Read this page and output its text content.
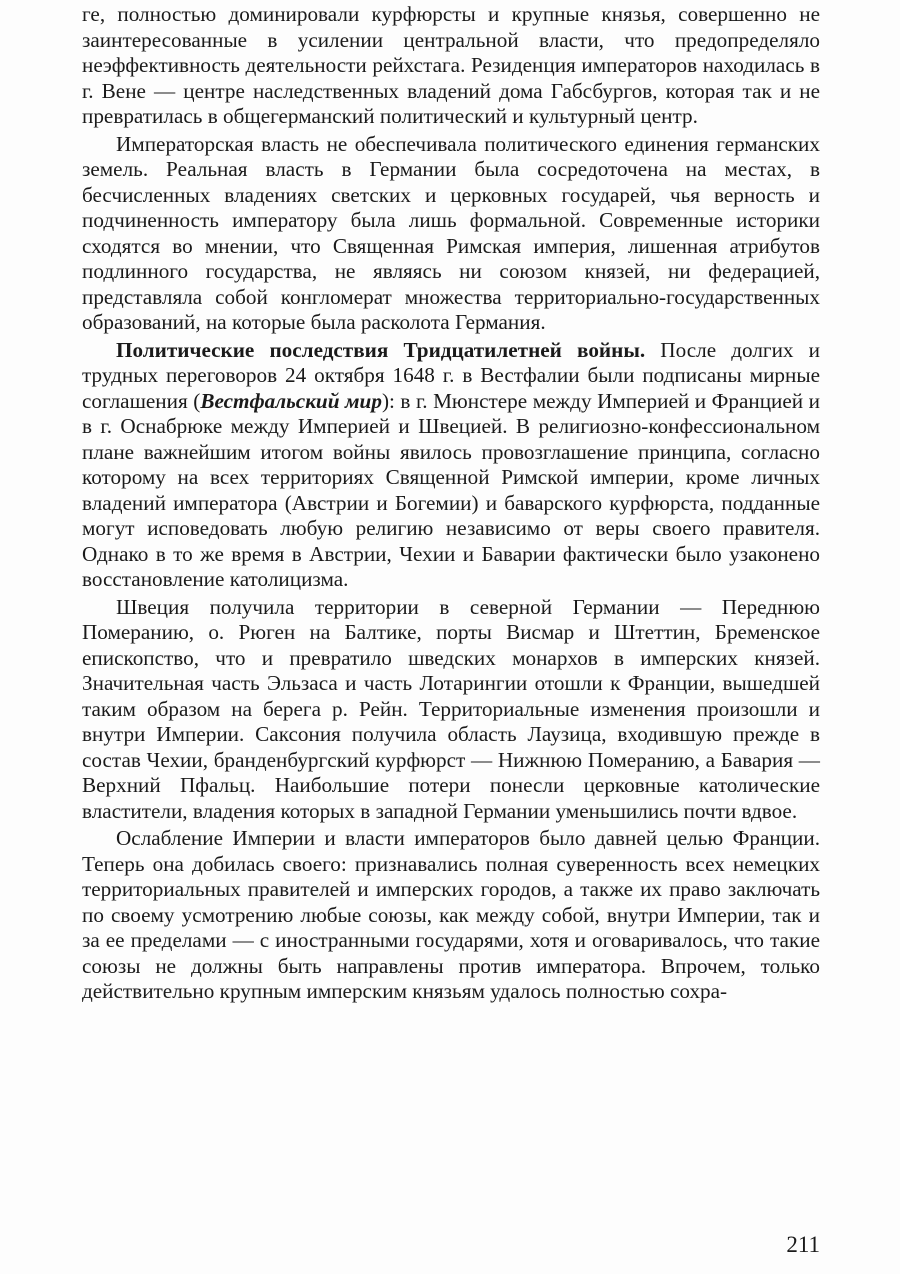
ге, полностью доминировали курфюрсты и крупные князья, совершенно не заинтересованные в усилении центральной власти, что предопределяло неэффективность деятельности рейхстага. Резиденция императоров находилась в г. Вене — центре наследственных владений дома Габсбургов, которая так и не превратилась в общегерманский политический и культурный центр.

Императорская власть не обеспечивала политического единения германских земель. Реальная власть в Германии была сосредоточена на местах, в бесчисленных владениях светских и церковных государей, чья верность и подчиненность императору была лишь формальной. Современные историки сходятся во мнении, что Священная Римская империя, лишенная атрибутов подлинного государства, не являясь ни союзом князей, ни федерацией, представляла собой конгломерат множества территориально-государственных образований, на которые была расколота Германия.

Политические последствия Тридцатилетней войны. После долгих и трудных переговоров 24 октября 1648 г. в Вестфалии были подписаны мирные соглашения (Вестфальский мир): в г. Мюнстере между Империей и Францией и в г. Оснабрюке между Империей и Швецией. В религиозно-конфессиональном плане важнейшим итогом войны явилось провозглашение принципа, согласно которому на всех территориях Священной Римской империи, кроме личных владений императора (Австрии и Богемии) и баварского курфюрста, подданные могут исповедовать любую религию независимо от веры своего правителя. Однако в то же время в Австрии, Чехии и Баварии фактически было узаконено восстановление католицизма.

Швеция получила территории в северной Германии — Переднюю Померанию, о. Рюген на Балтике, порты Висмар и Штеттин, Бременское епископство, что и превратило шведских монархов в имперских князей. Значительная часть Эльзаса и часть Лотарингии отошли к Франции, вышедшей таким образом на берега р. Рейн. Территориальные изменения произошли и внутри Империи. Саксония получила область Лаузица, входившую прежде в состав Чехии, бранденбургский курфюрст — Нижнюю Померанию, а Бавария — Верхний Пфальц. Наибольшие потери понесли церковные католические властители, владения которых в западной Германии уменьшились почти вдвое.

Ослабление Империи и власти императоров было давней целью Франции. Теперь она добилась своего: признавались полная суверенность всех немецких территориальных правителей и имперских городов, а также их право заключать по своему усмотрению любые союзы, как между собой, внутри Империи, так и за ее пределами — с иностранными государями, хотя и оговаривалось, что такие союзы не должны быть направлены против императора. Впрочем, только действительно крупным имперским князьям удалось полностью сохра-

211
